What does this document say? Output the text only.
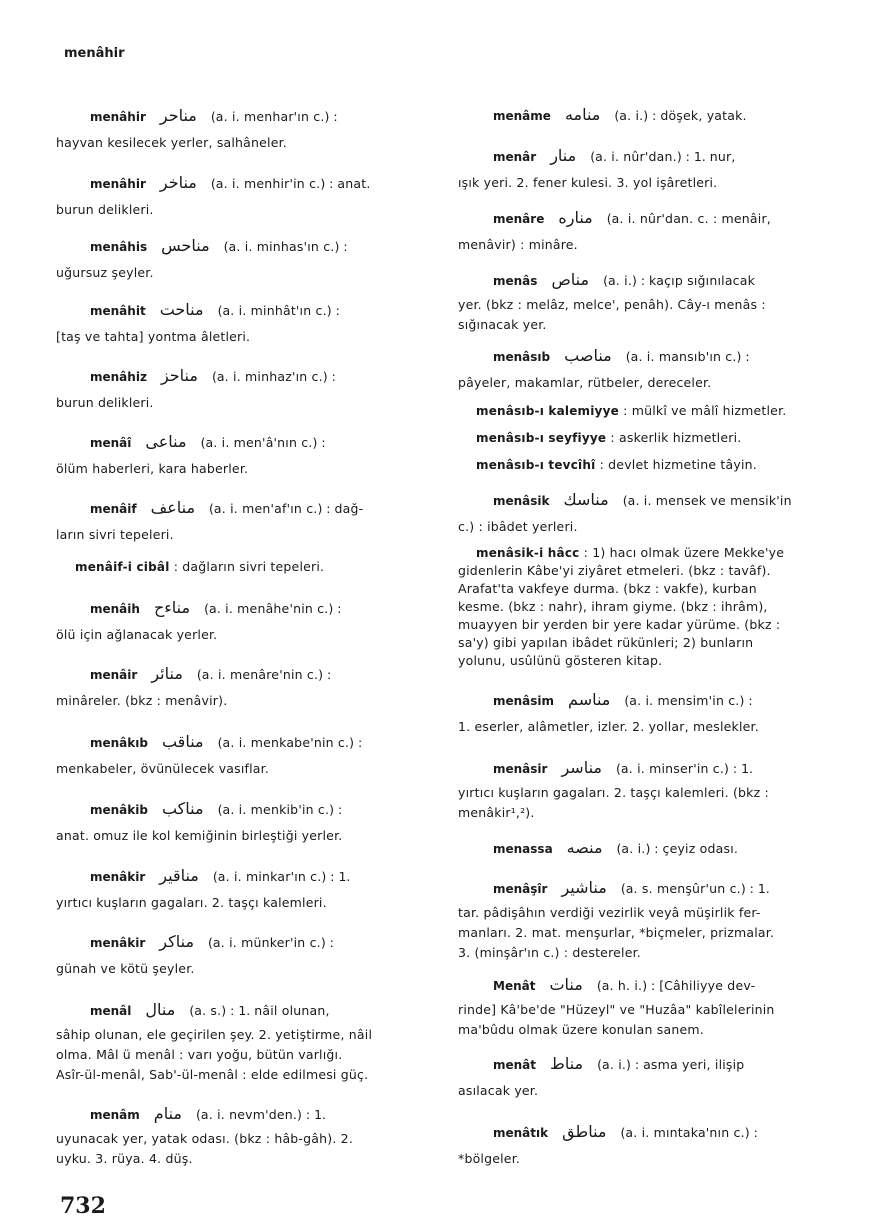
menâhir
menâhir مناحر (a. i. menhar'ın c.) :
hayvan kesilecek yerler, salhâneler.
menâhir مناخر (a. i. menhir'in c.) : anat.
burun delikleri.
menâhis مناحس (a. i. minhas'ın c.) :
uğursuz şeyler.
menâhit مناحت (a. i. minhât'ın c.) :
[taş ve tahta] yontma âletleri.
menâhiz مناحز (a. i. minhaz'ın c.) :
burun delikleri.
menâî مناعى (a. i. men'â'nın c.) :
ölüm haberleri, kara haberler.
menâif مناعف (a. i. men'af'ın c.) : dağ-
ların sivri tepeleri.
menâif-i cibâl : dağların sivri tepeleri.
menâih مناءح (a. i. menâhe'nin c.) :
ölü için ağlanacak yerler.
menâir منائر (a. i. menâre'nin c.) :
minâreler. (bkz : menâvir).
menâkıb مناقب (a. i. menkabe'nin c.) :
menkabeler, övünülecek vasıflar.
menâkib مناكب (a. i. menkib'in c.) :
anat. omuz ile kol kemiğinin birleştiği yerler.
menâkir مناقير (a. i. minkar'ın c.) : 1.
yırtıcı kuşların gagaları. 2. taşçı kalemleri.
menâkir مناكر (a. i. münker'in c.) :
günah ve kötü şeyler.
menâl منال (a. s.) : 1. nâil olunan,
sâhip olunan, ele geçirilen şey. 2. yetiştirme, nâil
olma. Mâl ü menâl : varı yoğu, bütün varlığı.
Asîr-ül-menâl, Sab'-ül-menâl : elde edilmesi güç.
menâm منام (a. i. nevm'den.) : 1.
uyunacak yer, yatak odası. (bkz : hâb-gâh). 2.
uyku. 3. rüya. 4. düş.
menâme منامه (a. i.) : döşek, yatak.
menâr منار (a. i. nûr'dan.) : 1. nur,
ışık yeri. 2. fener kulesi. 3. yol işâretleri.
menâre مناره (a. i. nûr'dan. c. : menâir,
menâvir) : minâre.
menâs مناص (a. i.) : kaçıp sığınılacak
yer. (bkz : melâz, melce', penâh). Cây-ı menâs :
sığınacak yer.
menâsıb مناصب (a. i. mansıb'ın c.) :
pâyeler, makamlar, rütbeler, dereceler.
menâsıb-ı kalemiyye : mülkî ve mâlî hizmetler.
menâsıb-ı seyfiyye : askerlik hizmetleri.
menâsıb-ı tevcîhî : devlet hizmetine tâyin.
menâsik مناسك (a. i. mensek ve mensik'in
c.) : ibâdet yerleri.
menâsik-i hâcc : 1) hacı olmak üzere Mekke'ye
gidenlerin Kâbe'yi ziyâret etmeleri. (bkz : tavâf).
Arafat'ta vakfeye durma. (bkz : vakfe), kurban
kesme. (bkz : nahr), ihram giyme. (bkz : ihrâm),
muayyen bir yerden bir yere kadar yürüme. (bkz :
sa'y) gibi yapılan ibâdet rükünleri; 2) bunların
yolunu, usûlünü gösteren kitap.
menâsim مناسم (a. i. mensim'in c.) :
1. eserler, alâmetler, izler. 2. yollar, meslekler.
menâsir مناسر (a. i. minser'in c.) : 1.
yırtıcı kuşların gagaları. 2. taşçı kalemleri. (bkz :
menâkir¹,²).
menassa منصه (a. i.) : çeyiz odası.
menâşîr مناشير (a. s. menşûr'un c.) : 1.
tar. pâdişâhın verdiği vezirlik veyâ müşirlik fer-
manları. 2. mat. menşurlar, *biçmeler, prizmalar.
3. (minşâr'ın c.) : destereler.
Menât منات (a. h. i.) : [Câhiliyye dev-
rinde] Kâ'be'de "Hüzeyl" ve "Huzâa" kabîlelerinin
ma'bûdu olmak üzere konulan sanem.
menât مناط (a. i.) : asma yeri, ilişip
asılacak yer.
menâtık مناطق (a. i. mıntaka'nın c.) :
*bölgeler.
732
